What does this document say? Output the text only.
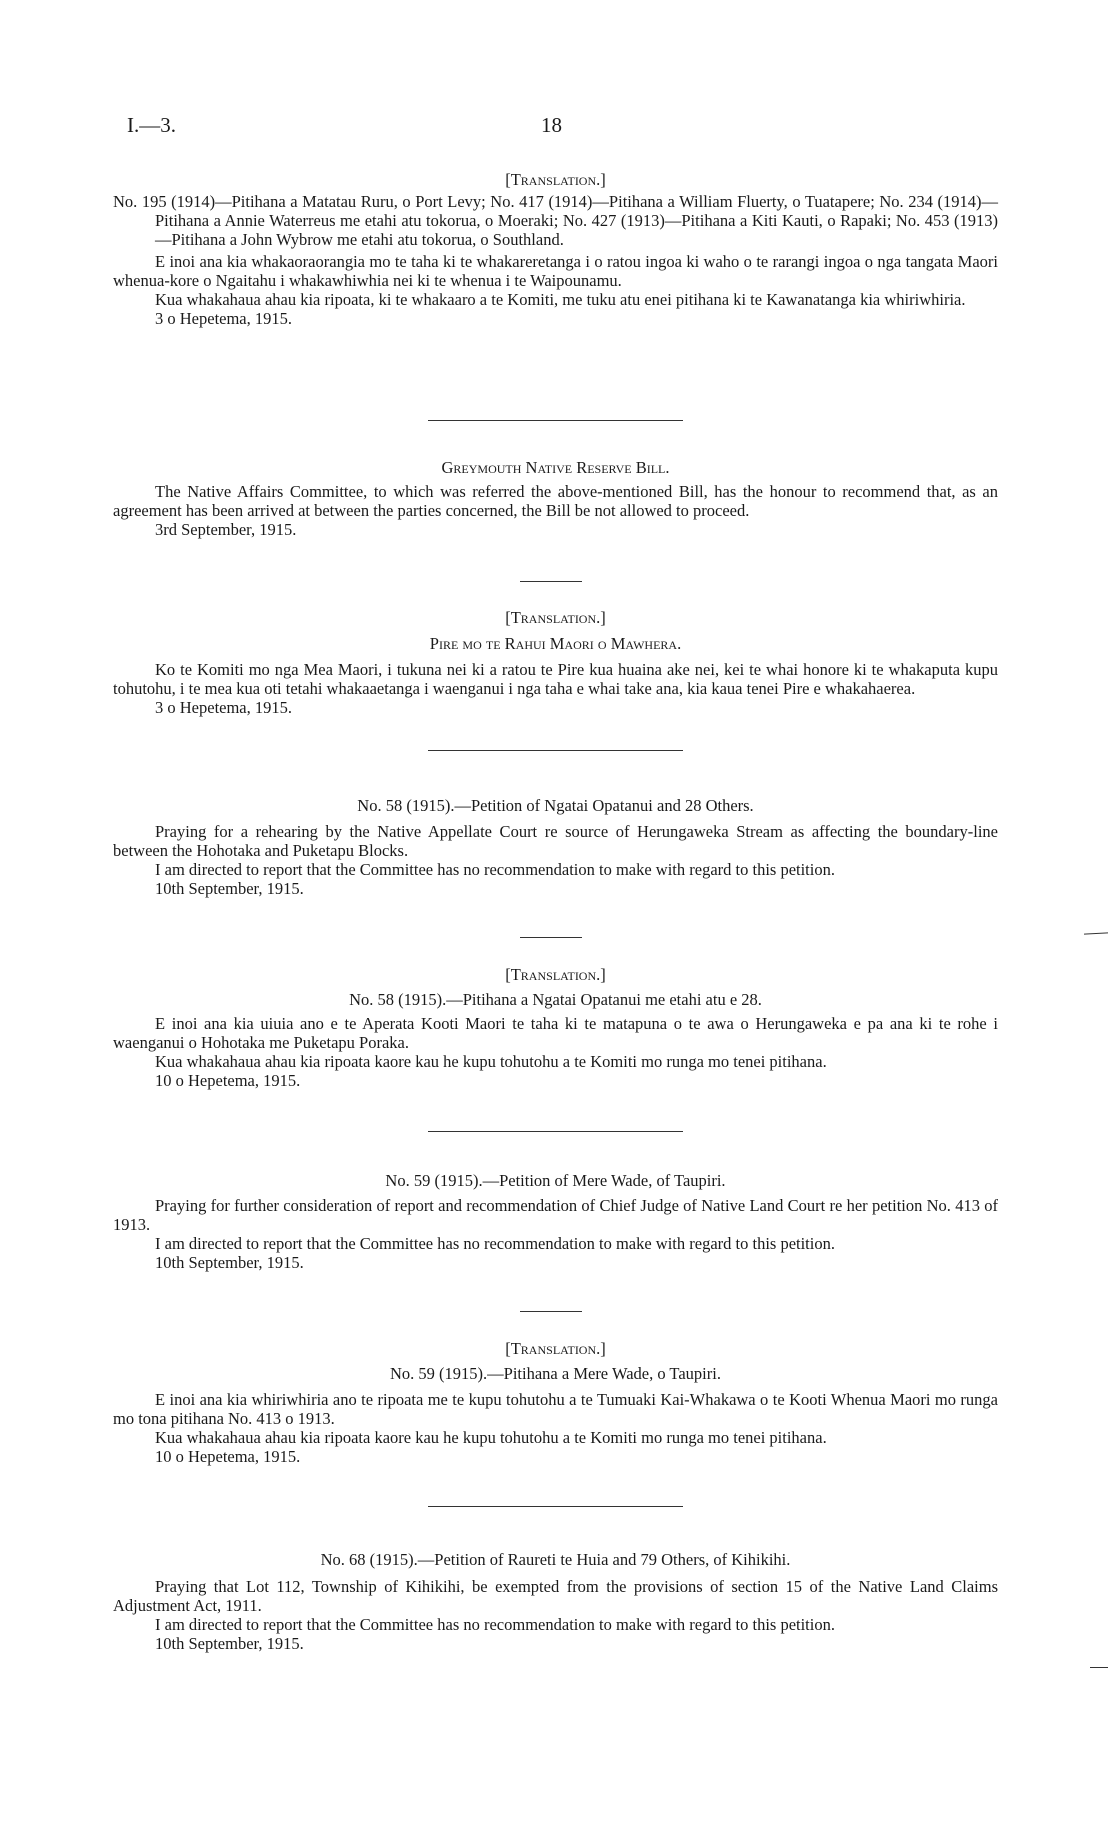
I.—3.	18
[Translation.]

No. 195 (1914)—Pitihana a Matatau Ruru, o Port Levy; No. 417 (1914)—Pitihana a William Fluerty, o Tuatapere; No. 234 (1914)—Pitihana a Annie Waterreus me etahi atu tokorua, o Moeraki; No. 427 (1913)—Pitihana a Kiti Kauti, o Rapaki; No. 453 (1913)—Pitihana a John Wybrow me etahi atu tokorua, o Southland.

E inoi ana kia whakaoraorangia mo te taha ki te whakareretanga i o ratou ingoa ki waho o te rarangi ingoa o nga tangata Maori whenua-kore o Ngaitahu i whakawhiwhia nei ki te whenua i te Waipounamu.

Kua whakahaua ahau kia ripoata, ki te whakaaro a te Komiti, me tuku atu enei pitihana ki te Kawanatanga kia whiriwhiria.

3 o Hepetema, 1915.

Greymouth Native Reserve Bill.

The Native Affairs Committee, to which was referred the above-mentioned Bill, has the honour to recommend that, as an agreement has been arrived at between the parties concerned, the Bill be not allowed to proceed.

3rd September, 1915.

[Translation.]
Pire mo te Rahui Maori o Mawhera.

Ko te Komiti mo nga Mea Maori, i tukuna nei ki a ratou te Pire kua huaina ake nei, kei te whai honore ki te whakaputa kupu tohutohu, i te mea kua oti tetahi whakaaetanga i waenganui i nga taha e whai take ana, kia kaua tenei Pire e whakahaerea.

3 o Hepetema, 1915.

No. 58 (1915).—Petition of Ngatai Opatanui and 28 Others.

Praying for a rehearing by the Native Appellate Court re source of Herungaweka Stream as affecting the boundary-line between the Hohotaka and Puketapu Blocks.

I am directed to report that the Committee has no recommendation to make with regard to this petition.

10th September, 1915.

[Translation.]
No. 58 (1915).—Pitihana a Ngatai Opatanui me etahi atu e 28.

E inoi ana kia uiuia ano e te Aperata Kooti Maori te taha ki te matapuna o te awa o Herungaweka e pa ana ki te rohe i waenganui o Hohotaka me Puketapu Poraka.

Kua whakahaua ahau kia ripoata kaore kau he kupu tohutohu a te Komiti mo runga mo tenei pitihana.

10 o Hepetema, 1915.

No. 59 (1915).—Petition of Mere Wade, of Taupiri.

Praying for further consideration of report and recommendation of Chief Judge of Native Land Court re her petition No. 413 of 1913.

I am directed to report that the Committee has no recommendation to make with regard to this petition.

10th September, 1915.

[Translation.]
No. 59 (1915).—Pitihana a Mere Wade, o Taupiri.

E inoi ana kia whiriwhiria ano te ripoata me te kupu tohutohu a te Tumuaki Kai-Whakawa o te Kooti Whenua Maori mo runga mo tona pitihana No. 413 o 1913.

Kua whakahaua ahau kia ripoata kaore kau he kupu tohutohu a te Komiti mo runga mo tenei pitihana.

10 o Hepetema, 1915.

No. 68 (1915).—Petition of Raureti te Huia and 79 Others, of Kihikihi.

Praying that Lot 112, Township of Kihikihi, be exempted from the provisions of section 15 of the Native Land Claims Adjustment Act, 1911.

I am directed to report that the Committee has no recommendation to make with regard to this petition.

10th September, 1915.
